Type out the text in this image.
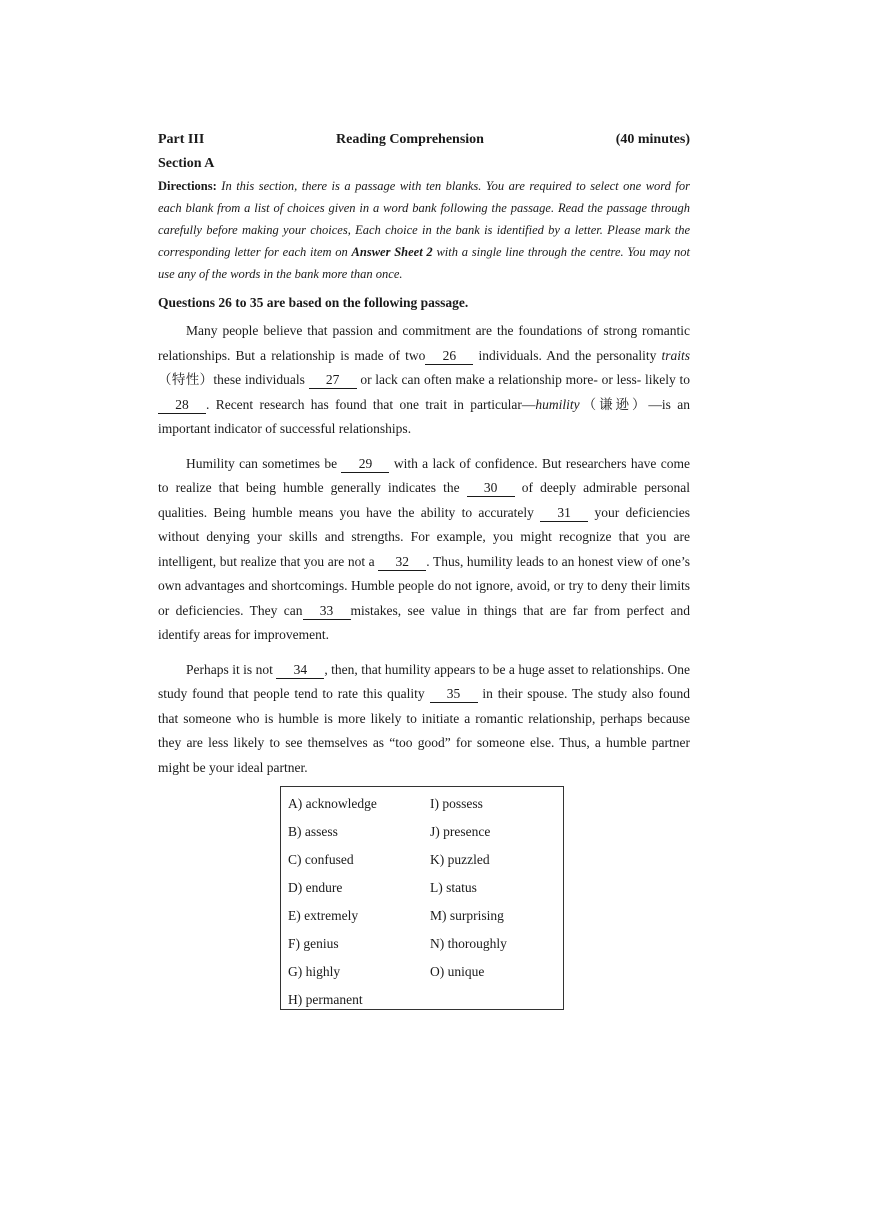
Part III	Reading Comprehension	(40 minutes)
Section A
Directions: In this section, there is a passage with ten blanks. You are required to select one word for each blank from a list of choices given in a word bank following the passage. Read the passage through carefully before making your choices, Each choice in the bank is identified by a letter. Please mark the corresponding letter for each item on Answer Sheet 2 with a single line through the centre. You may not use any of the words in the bank more than once.
Questions 26 to 35 are based on the following passage.
Many people believe that passion and commitment are the foundations of strong romantic relationships. But a relationship is made of two 26 individuals. And the personality traits（特性）these individuals 27 or lack can often make a relationship more- or less- likely to 28 . Recent research has found that one trait in particular—humility（谦逊）—is an important indicator of successful relationships.
Humility can sometimes be 29 with a lack of confidence. But researchers have come to realize that being humble generally indicates the 30 of deeply admirable personal qualities. Being humble means you have the ability to accurately 31 your deficiencies without denying your skills and strengths. For example, you might recognize that you are intelligent, but realize that you are not a 32 . Thus, humility leads to an honest view of one’s own advantages and shortcomings. Humble people do not ignore, avoid, or try to deny their limits or deficiencies. They can 33 mistakes, see value in things that are far from perfect and identify areas for improvement.
Perhaps it is not 34 , then, that humility appears to be a huge asset to relationships. One study found that people tend to rate this quality 35 in their spouse. The study also found that someone who is humble is more likely to initiate a romantic relationship, perhaps because they are less likely to see themselves as “too good” for someone else. Thus, a humble partner might be your ideal partner.
A) acknowledge	I) possess
B) assess	J) presence
C) confused	K) puzzled
D) endure	L) status
E) extremely	M) surprising
F) genius	N) thoroughly
G) highly	O) unique
H) permanent
